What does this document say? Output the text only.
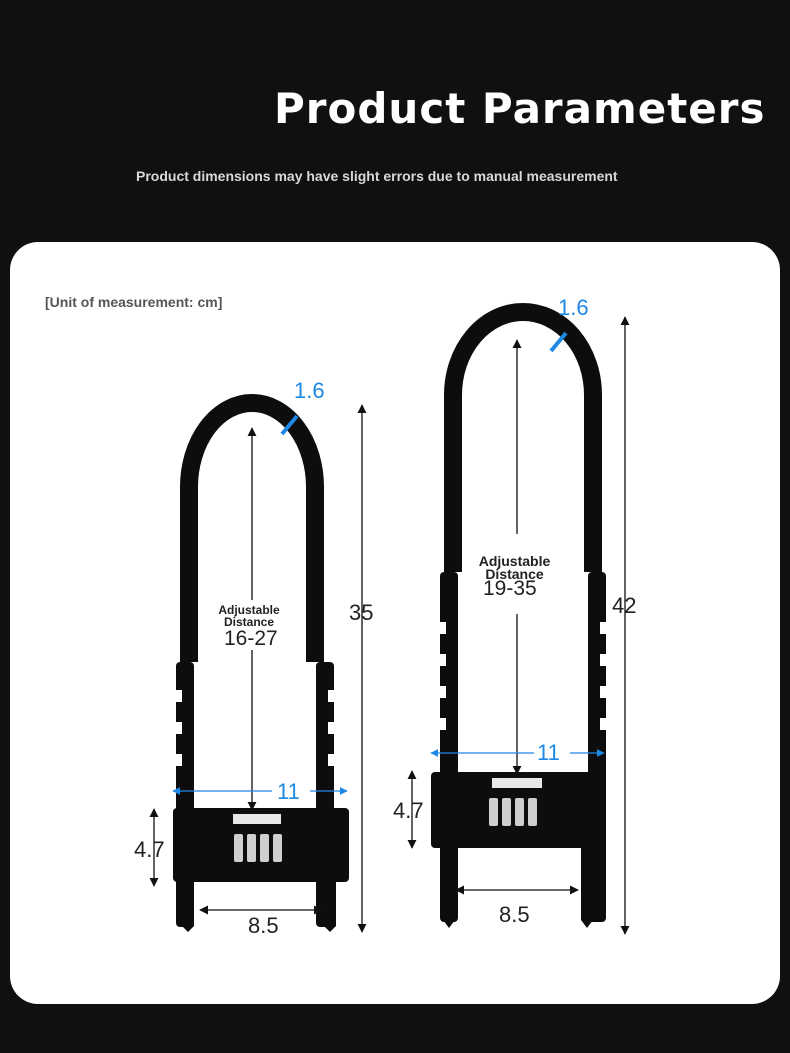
Product Parameters

Product dimensions may have slight errors due to manual measurement

[Unit of measurement: cm]
1.6
35
Adjustable Distance
16-27
11
4.7
8.5
1.6
42
Adjustable Distance
19-35
11
4.7
8.5
